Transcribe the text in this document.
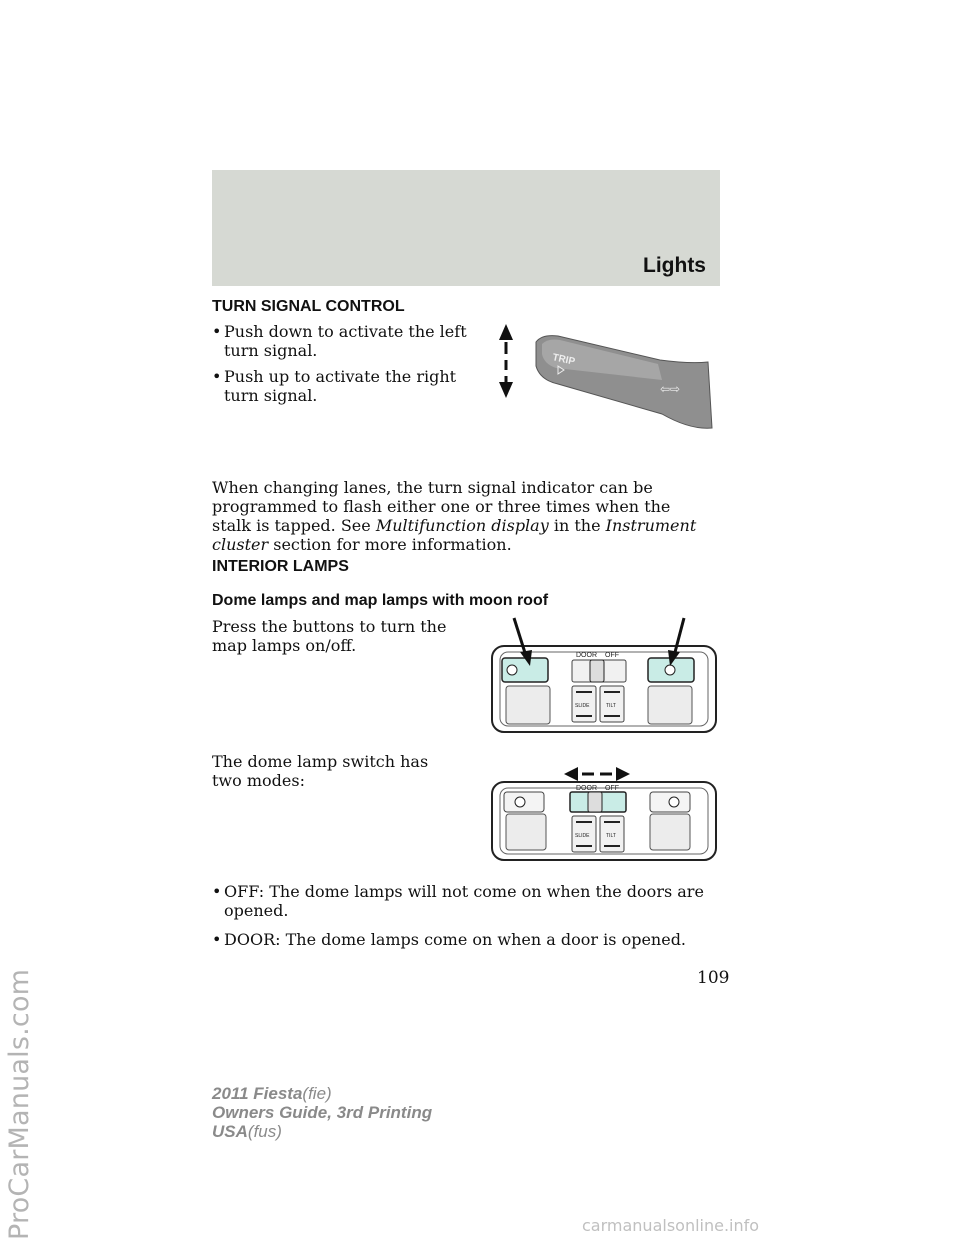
Lights
ProCarManuals.com
TURN SIGNAL CONTROL
• Push down to activate the left turn signal.
• Push up to activate the right turn signal.
TRIP
⇦⇨
When changing lanes, the turn signal indicator can be programmed to flash either one or three times when the stalk is tapped. See Multifunction display in the Instrument cluster section for more information.
INTERIOR LAMPS
Dome lamps and map lamps with moon roof
Press the buttons to turn the map lamps on/off.
DOOR OFF
SLIDE	TILT
The dome lamp switch has two modes:	DOOR OFF
SLIDE	TILT
• OFF: The dome lamps will not come on when the doors are opened.
• DOOR: The dome lamps come on when a door is opened.
109
2011 Fiesta(fie)
Owners Guide, 3rd Printing
USA(fus)
carmanualsonline.info
